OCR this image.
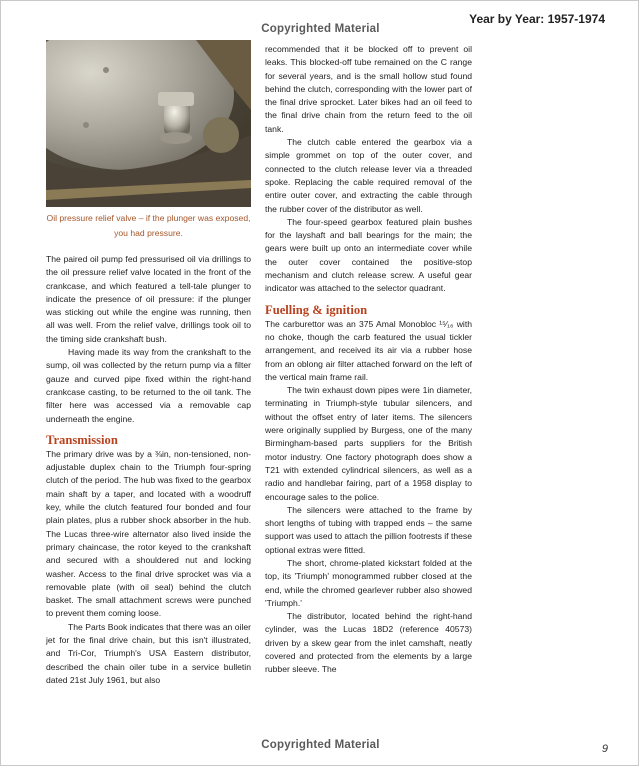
Year by Year: 1957-1974
Copyrighted Material
Oil pressure relief valve – if the plunger was exposed, you had pressure.

The paired oil pump fed pressurised oil via drillings to the oil pressure relief valve located in the front of the crankcase, and which featured a tell-tale plunger to indicate the presence of oil pressure: if the plunger was sticking out while the engine was running, then all was well. From the relief valve, drillings took oil to the timing side crankshaft bush.

Having made its way from the crankshaft to the sump, oil was collected by the return pump via a filter gauze and curved pipe fixed within the right-hand crankcase casting, to be returned to the oil tank. The filter here was accessed via a removable cap underneath the engine.

Transmission

The primary drive was by a ⅜in, non-tensioned, non-adjustable duplex chain to the Triumph four-spring clutch of the period. The hub was fixed to the gearbox main shaft by a taper, and located with a woodruff key, while the clutch featured four bonded and four plain plates, plus a rubber shock absorber in the hub. The Lucas three-wire alternator also lived inside the primary chaincase, the rotor keyed to the crankshaft and secured with a shouldered nut and locking washer. Access to the final drive sprocket was via a removable plate (with oil seal) behind the clutch basket. The small attachment screws were punched to prevent them coming loose.

The Parts Book indicates that there was an oiler jet for the final drive chain, but this isn't illustrated, and Tri-Cor, Triumph's USA Eastern distributor, described the chain oiler tube in a service bulletin dated 21st July 1961, but also

recommended that it be blocked off to prevent oil leaks. This blocked-off tube remained on the C range for several years, and is the small hollow stud found behind the clutch, corresponding with the lower part of the final drive sprocket. Later bikes had an oil feed to the final drive chain from the return feed to the oil tank.

The clutch cable entered the gearbox via a simple grommet on top of the outer cover, and connected to the clutch release lever via a threaded spoke. Replacing the cable required removal of the entire outer cover, and extracting the cable through the rubber cover of the distributor as well.

The four-speed gearbox featured plain bushes for the layshaft and ball bearings for the main; the gears were built up onto an intermediate cover while the outer cover contained the positive-stop mechanism and clutch release screw. A useful gear indicator was attached to the selector quadrant.

Fuelling & ignition

The carburettor was an 375 Amal Monobloc ¹⁵⁄₁₆ with no choke, though the carb featured the usual tickler arrangement, and received its air via a rubber hose from an oblong air filter attached forward on the left of the vertical main frame rail.

The twin exhaust down pipes were 1in diameter, terminating in Triumph-style tubular silencers, and without the offset entry of later items. The silencers were originally supplied by Burgess, one of the many Birmingham-based parts suppliers for the British motor industry. One factory photograph does show a T21 with extended cylindrical silencers, as well as a radio and handlebar fairing, part of a 1958 display to encourage sales to the police.

The silencers were attached to the frame by short lengths of tubing with trapped ends – the same support was used to attach the pillion footrests if these optional extras were fitted.

The short, chrome-plated kickstart folded at the top, its 'Triumph' monogrammed rubber closed at the end, while the chromed gearlever rubber also showed 'Triumph.'

The distributor, located behind the right-hand cylinder, was the Lucas 18D2 (reference 40573) driven by a skew gear from the inlet camshaft, neatly covered and protected from the elements by a large rubber sleeve. The

Copyrighted Material	9
